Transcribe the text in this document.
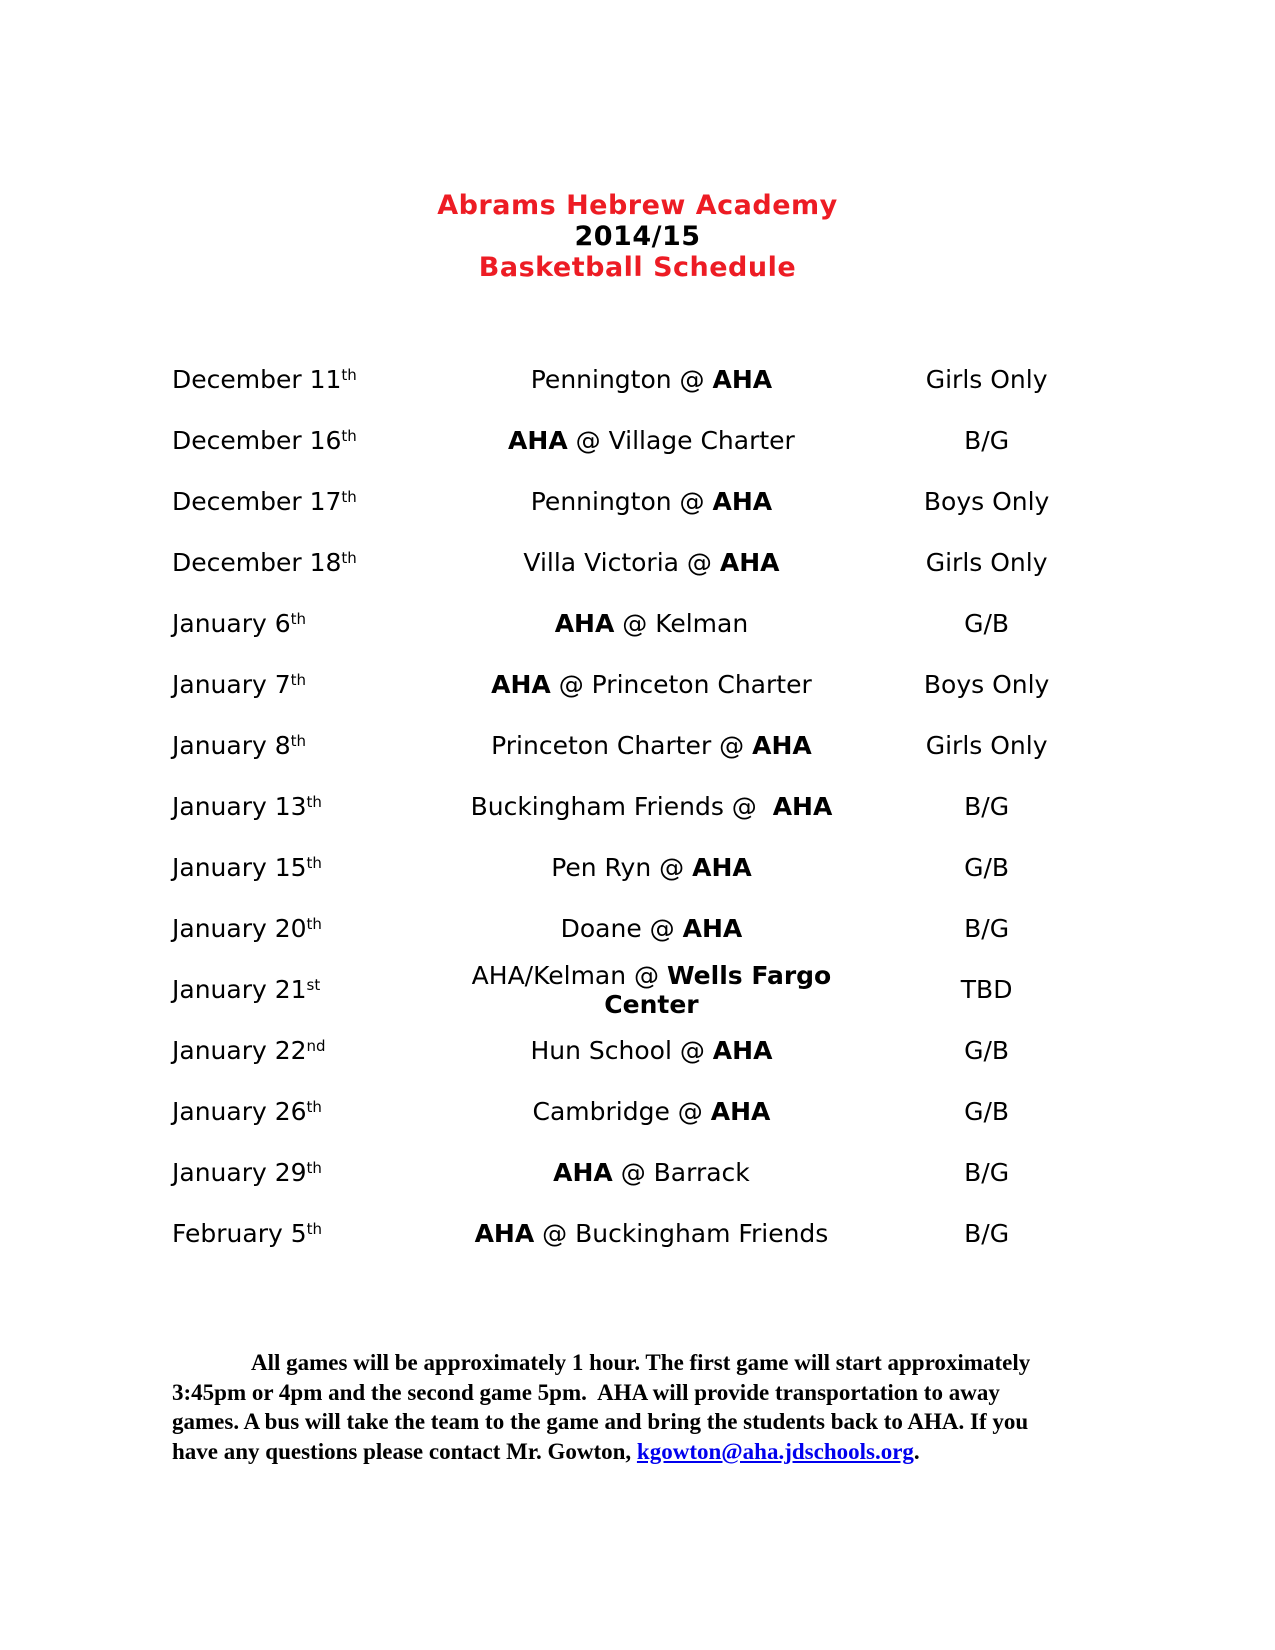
Abrams Hebrew Academy
2014/15
Basketball Schedule
December 11th	Pennington @ AHA	Girls Only
December 16th	AHA @ Village Charter	B/G
December 17th	Pennington @ AHA	Boys Only
December 18th	Villa Victoria @ AHA	Girls Only
January 6th	AHA @ Kelman	G/B
January 7th	AHA @ Princeton Charter	Boys Only
January 8th	Princeton Charter @ AHA	Girls Only
January 13th	Buckingham Friends @  AHA	B/G
January 15th	Pen Ryn @ AHA	G/B
January 20th	Doane @ AHA	B/G
January 21st	AHA/Kelman @ Wells Fargo Center	TBD
January 22nd	Hun School @ AHA	G/B
January 26th	Cambridge @ AHA	G/B
January 29th	AHA @ Barrack	B/G
February 5th	AHA @ Buckingham Friends	B/G
All games will be approximately 1 hour. The first game will start approximately 3:45pm or 4pm and the second game 5pm.  AHA will provide transportation to away games. A bus will take the team to the game and bring the students back to AHA. If you have any questions please contact Mr. Gowton, kgowton@aha.jdschools.org.
